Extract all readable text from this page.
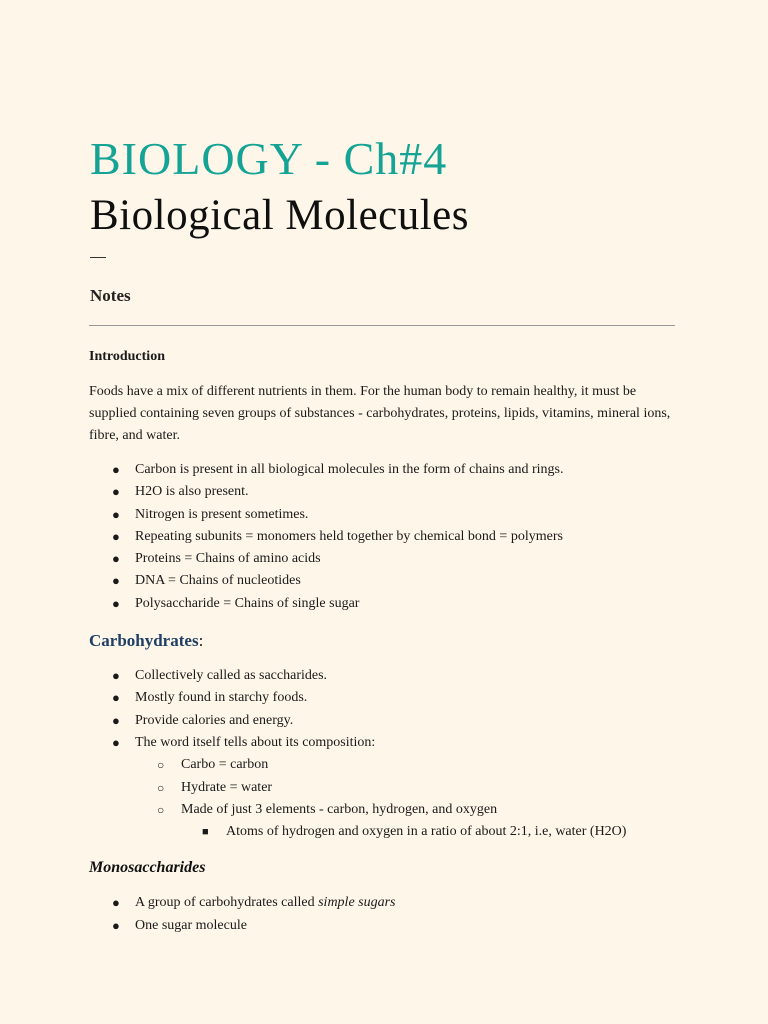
BIOLOGY - Ch#4
Biological Molecules

Notes

Introduction

Foods have a mix of different nutrients in them. For the human body to remain healthy, it must be supplied containing seven groups of substances - carbohydrates, proteins, lipids, vitamins, mineral ions, fibre, and water.

● Carbon is present in all biological molecules in the form of chains and rings.
● H2O is also present.
● Nitrogen is present sometimes.
● Repeating subunits = monomers held together by chemical bond = polymers
● Proteins = Chains of amino acids
● DNA = Chains of nucleotides
● Polysaccharide = Chains of single sugar

Carbohydrates:

● Collectively called as saccharides.
● Mostly found in starchy foods.
● Provide calories and energy.
● The word itself tells about its composition:
○ Carbo = carbon
○ Hydrate = water
○ Made of just 3 elements - carbon, hydrogen, and oxygen
■ Atoms of hydrogen and oxygen in a ratio of about 2:1, i.e, water (H2O)

Monosaccharides

● A group of carbohydrates called simple sugars
● One sugar molecule
